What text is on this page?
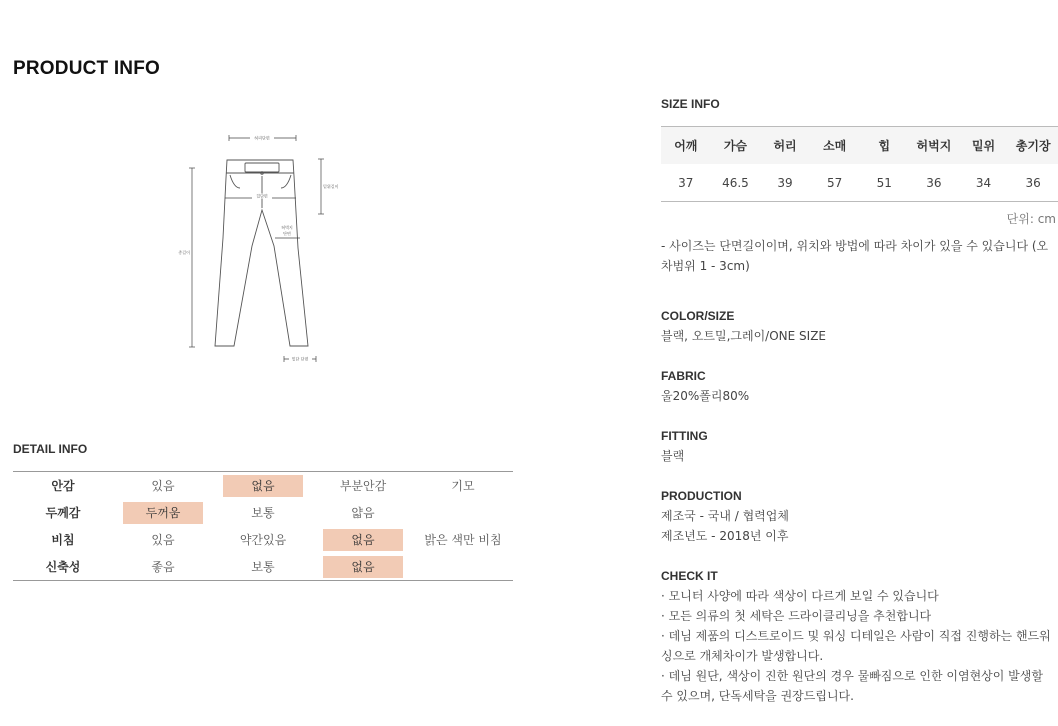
PRODUCT INFO
허리단면
밑위길이
힙단면
허벅지
단면
총길이
밑단 단면
DETAIL INFO
안감	있음	없음	부분안감	기모
두께감	두꺼움	보통	얇음	
비침	있음	약간있음	없음	밝은 색만 비침
신축성	좋음	보통	없음	
SIZE INFO
어깨	가슴	허리	소매	힙	허벅지	밑위	총기장
37	46.5	39	57	51	36	34	36
단위: cm
- 사이즈는 단면길이이며, 위치와 방법에 따라 차이가 있을 수 있습니다 (오차범위 1 - 3cm)
COLOR/SIZE
블랙, 오트밀,그레이/ONE SIZE
FABRIC
울20%폴리80%
FITTING
블랙
PRODUCTION
제조국 - 국내 / 협력업체
제조년도 - 2018년 이후
CHECK IT
· 모니터 사양에 따라 색상이 다르게 보일 수 있습니다
· 모든 의류의 첫 세탁은 드라이클리닝을 추천합니다
· 데님 제품의 디스트로이드 및 워싱 디테일은 사람이 직접 진행하는 핸드워싱으로 개체차이가 발생합니다.
· 데님 원단, 색상이 진한 원단의 경우 물빠짐으로 인한 이염현상이 발생할 수 있으며, 단독세탁을 권장드립니다.
